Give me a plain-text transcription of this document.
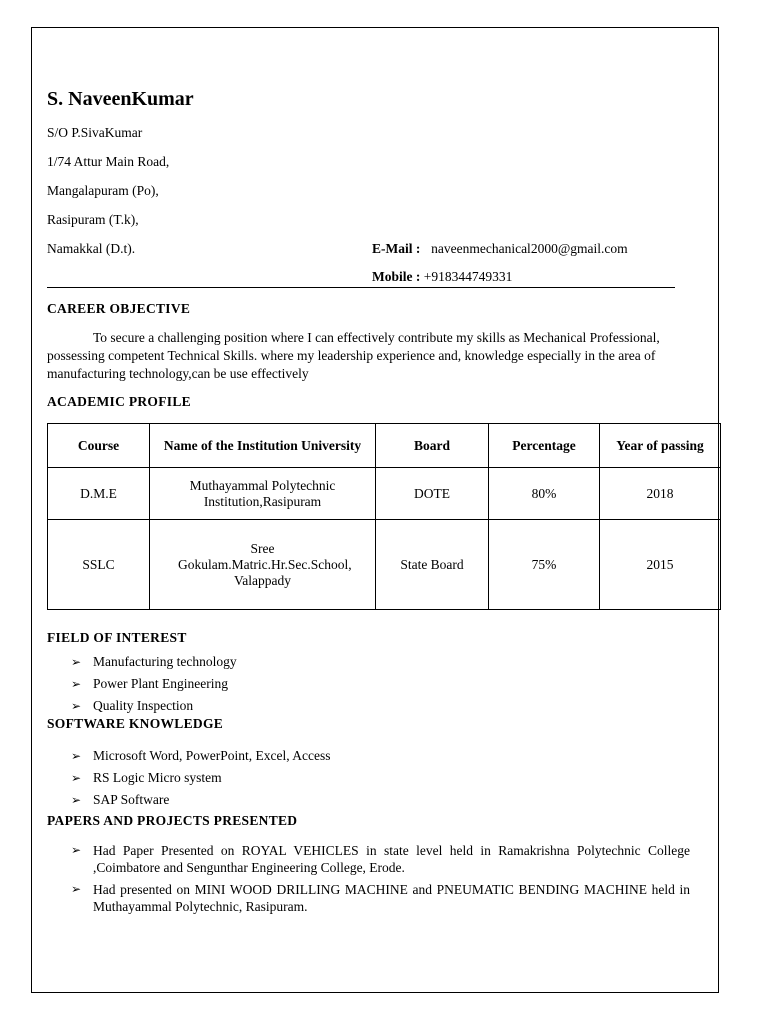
S. NaveenKumar
S/O P.SivaKumar
1/74 Attur Main Road,
Mangalapuram (Po),
Rasipuram (T.k),
Namakkal (D.t).	E-Mail : naveenmechanical2000@gmail.com
Mobile : +918344749331
CAREER OBJECTIVE

To secure a challenging position where I can effectively contribute my skills as Mechanical Professional, possessing competent Technical Skills. where my leadership experience and, knowledge especially in the area of manufacturing technology,can be use effectively

ACADEMIC PROFILE
Course	Name of the Institution University	Board	Percentage	Year of passing
D.M.E	Muthayammal Polytechnic Institution,Rasipuram	DOTE	80%	2018
SSLC	Sree Gokulam.Matric.Hr.Sec.School, Valappady	State Board	75%	2015
FIELD OF INTEREST
➢ Manufacturing technology
➢ Power Plant Engineering
➢ Quality Inspection
SOFTWARE KNOWLEDGE
➢ Microsoft Word, PowerPoint, Excel, Access
➢ RS Logic Micro system
➢ SAP Software
PAPERS AND PROJECTS PRESENTED
➢ Had Paper Presented on ROYAL VEHICLES in state level held in Ramakrishna Polytechnic College ,Coimbatore and Sengunthar Engineering College, Erode.
➢ Had presented on MINI WOOD DRILLING MACHINE and PNEUMATIC BENDING MACHINE held in Muthayammal Polytechnic, Rasipuram.
